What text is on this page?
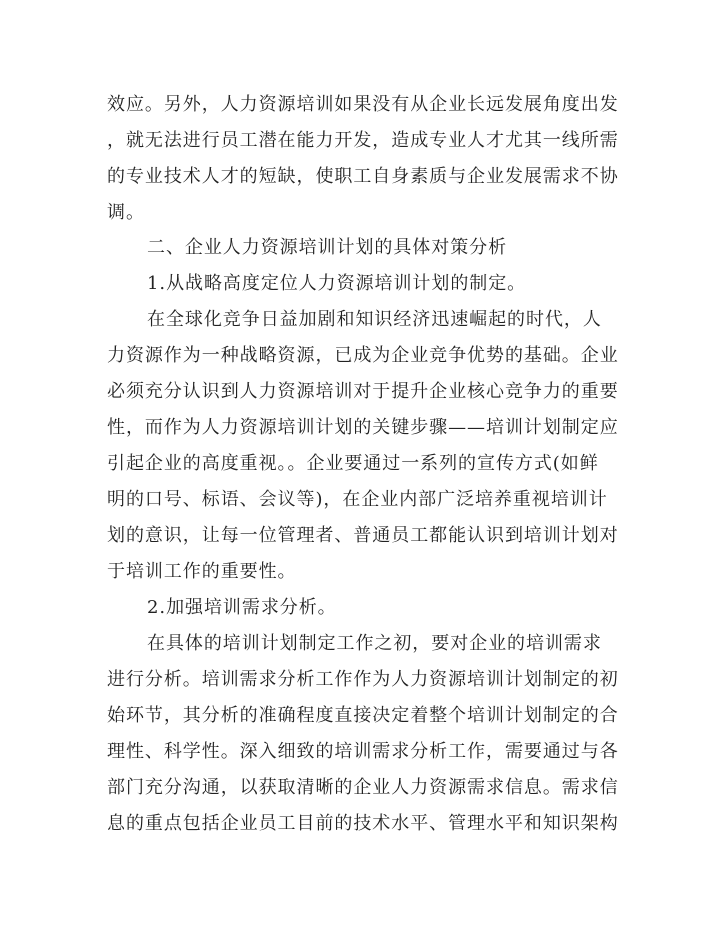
效应。另外，人力资源培训如果没有从企业长远发展角度出发
，就无法进行员工潜在能力开发，造成专业人才尤其一线所需
的专业技术人才的短缺，使职工自身素质与企业发展需求不协
调。
二、企业人力资源培训计划的具体对策分析
1.从战略高度定位人力资源培训计划的制定。
在全球化竞争日益加剧和知识经济迅速崛起的时代，人
力资源作为一种战略资源，已成为企业竞争优势的基础。企业
必须充分认识到人力资源培训对于提升企业核心竞争力的重要
性，而作为人力资源培训计划的关键步骤——培训计划制定应
引起企业的高度重视。。企业要通过一系列的宣传方式(如鲜
明的口号、标语、会议等)，在企业内部广泛培养重视培训计
划的意识，让每一位管理者、普通员工都能认识到培训计划对
于培训工作的重要性。
2.加强培训需求分析。
在具体的培训计划制定工作之初，要对企业的培训需求
进行分析。培训需求分析工作作为人力资源培训计划制定的初
始环节，其分析的准确程度直接决定着整个培训计划制定的合
理性、科学性。深入细致的培训需求分析工作，需要通过与各
部门充分沟通，以获取清晰的企业人力资源需求信息。需求信
息的重点包括企业员工目前的技术水平、管理水平和知识架构
